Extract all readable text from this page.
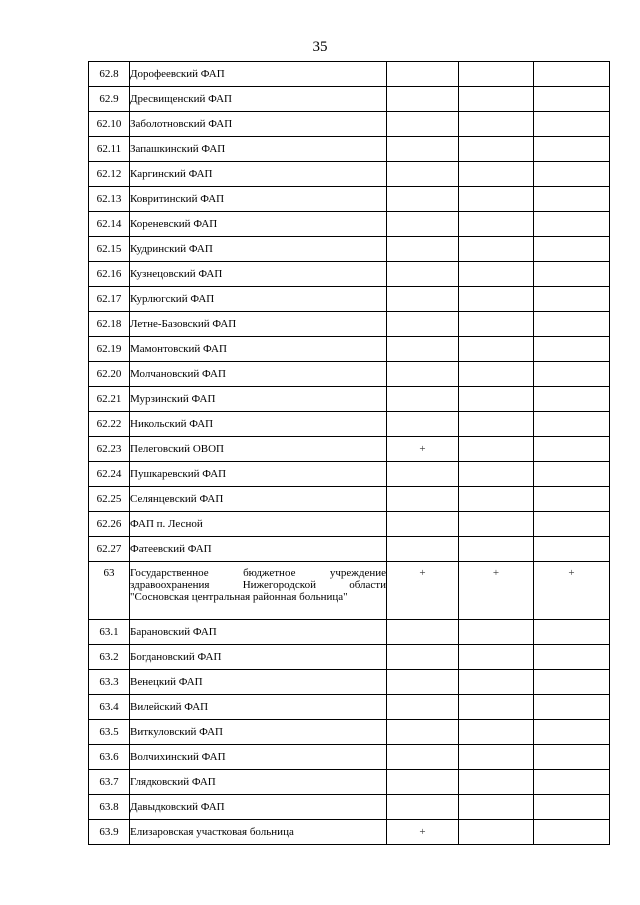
35
62.8	Дорофеевский ФАП			
62.9	Дресвищенский ФАП			
62.10	Заболотновский ФАП			
62.11	Запашкинский ФАП			
62.12	Каргинский ФАП			
62.13	Ковритинский ФАП			
62.14	Кореневский ФАП			
62.15	Кудринский ФАП			
62.16	Кузнецовский ФАП			
62.17	Курлюгский ФАП			
62.18	Летне-Базовский ФАП			
62.19	Мамонтовский ФАП			
62.20	Молчановский ФАП			
62.21	Мурзинский ФАП			
62.22	Никольский ФАП			
62.23	Пелеговский ОВОП	+		
62.24	Пушкаревский ФАП			
62.25	Селянцевский ФАП			
62.26	ФАП п. Лесной			
62.27	Фатеевский ФАП			
63	Государственное бюджетное учреждение здравоохранения Нижегородской области "Сосновская центральная районная больница"	+	+	+
63.1	Барановский ФАП			
63.2	Богдановский ФАП			
63.3	Венецкий ФАП			
63.4	Вилейский ФАП			
63.5	Виткуловский ФАП			
63.6	Волчихинский ФАП			
63.7	Глядковский ФАП			
63.8	Давыдковский ФАП			
63.9	Елизаровская участковая больница	+		
